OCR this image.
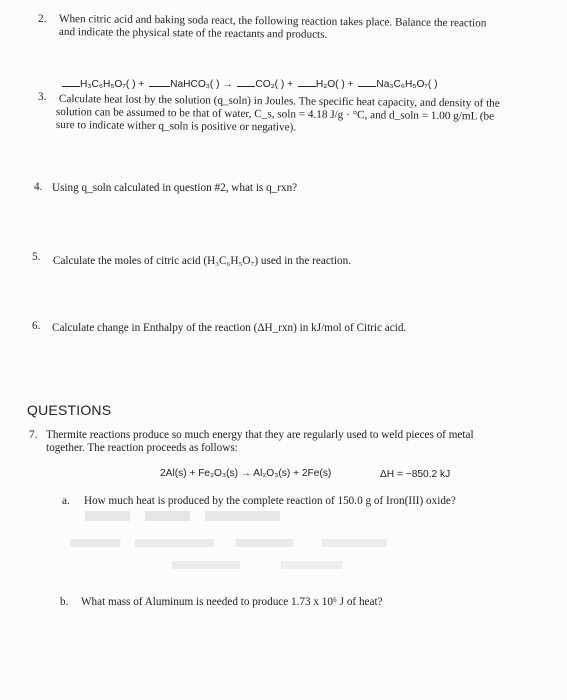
2. When citric acid and baking soda react, the following reaction takes place. Balance the reaction
and indicate the physical state of the reactants and products.
H₃C₆H₅O₇( ) +	NaHCO₃( ) → CO₂( ) + H₂O( ) + Na₃C₆H₅O₇( )
3. Calculate heat lost by the solution (q_soln) in Joules. The specific heat capacity, and density of the
solution can be assumed to be that of water, C_s, soln = 4.18 J/g · °C, and d_soln = 1.00 g/mL (be
sure to indicate wither q_soln is positive or negative).
4. Using q_soln calculated in question #2, what is q_rxn?
5. Calculate the moles of citric acid (H₃C₆H₅O₇) used in the reaction.
6. Calculate change in Enthalpy of the reaction (ΔH_rxn) in kJ/mol of Citric acid.
QUESTIONS
7. Thermite reactions produce so much energy that they are regularly used to weld pieces of metal
together. The reaction proceeds as follows:
2Al(s) + Fe₂O₃(s) → Al₂O₃(s) + 2Fe(s)	ΔH = −850.2 kJ
a. How much heat is produced by the complete reaction of 150.0 g of Iron(III) oxide?
b. What mass of Aluminum is needed to produce 1.73 x 10⁶ J of heat?
